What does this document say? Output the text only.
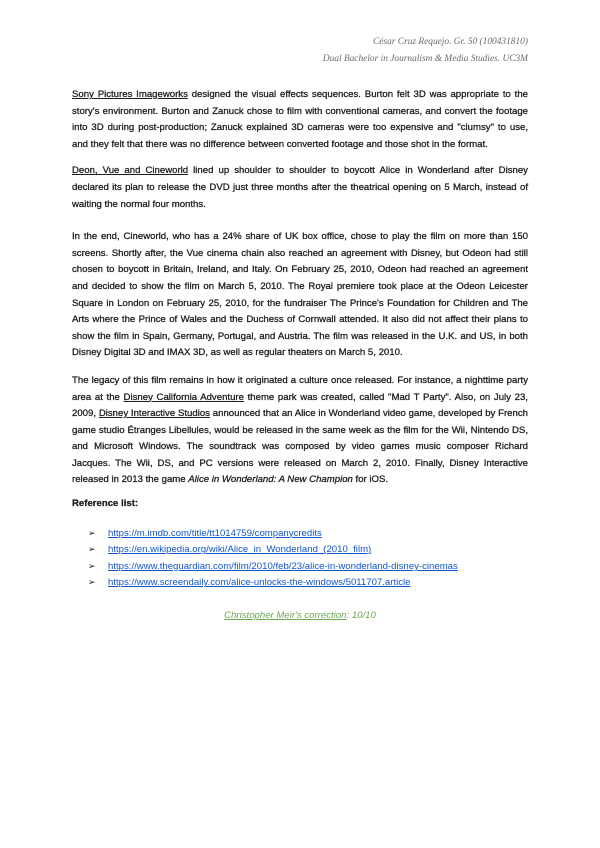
César Cruz Requejo. Gr. 50 (100431810)
Dual Bachelor in Journalism & Media Studies. UC3M

Sony Pictures Imageworks designed the visual effects sequences. Burton felt 3D was appropriate to the story's environment. Burton and Zanuck chose to film with conventional cameras, and convert the footage into 3D during post-production; Zanuck explained 3D cameras were too expensive and "clumsy" to use, and they felt that there was no difference between converted footage and those shot in the format.

Deon, Vue and Cineworld lined up shoulder to shoulder to boycott Alice in Wonderland after Disney declared its plan to release the DVD just three months after the theatrical opening on 5 March, instead of waiting the normal four months.

In the end, Cineworld, who has a 24% share of UK box office, chose to play the film on more than 150 screens. Shortly after, the Vue cinema chain also reached an agreement with Disney, but Odeon had still chosen to boycott in Britain, Ireland, and Italy. On February 25, 2010, Odeon had reached an agreement and decided to show the film on March 5, 2010. The Royal premiere took place at the Odeon Leicester Square in London on February 25, 2010, for the fundraiser The Prince's Foundation for Children and The Arts where the Prince of Wales and the Duchess of Cornwall attended. It also did not affect their plans to show the film in Spain, Germany, Portugal, and Austria. The film was released in the U.K. and US, in both Disney Digital 3D and IMAX 3D, as well as regular theaters on March 5, 2010.

The legacy of this film remains in how it originated a culture once released. For instance, a nighttime party area at the Disney California Adventure theme park was created, called "Mad T Party". Also, on July 23, 2009, Disney Interactive Studios announced that an Alice in Wonderland video game, developed by French game studio Étranges Libellules, would be released in the same week as the film for the Wii, Nintendo DS, and Microsoft Windows. The soundtrack was composed by video games music composer Richard Jacques. The Wii, DS, and PC versions were released on March 2, 2010. Finally, Disney Interactive released in 2013 the game Alice in Wonderland: A New Champion for iOS.

Reference list:

➢ https://m.imdb.com/title/tt1014759/companycredits
➢ https://en.wikipedia.org/wiki/Alice_in_Wonderland_(2010_film)
➢ https://www.theguardian.com/film/2010/feb/23/alice-in-wonderland-disney-cinemas
➢ https://www.screendaily.com/alice-unlocks-the-windows/5011707.article
Christopher Meir's correction: 10/10
